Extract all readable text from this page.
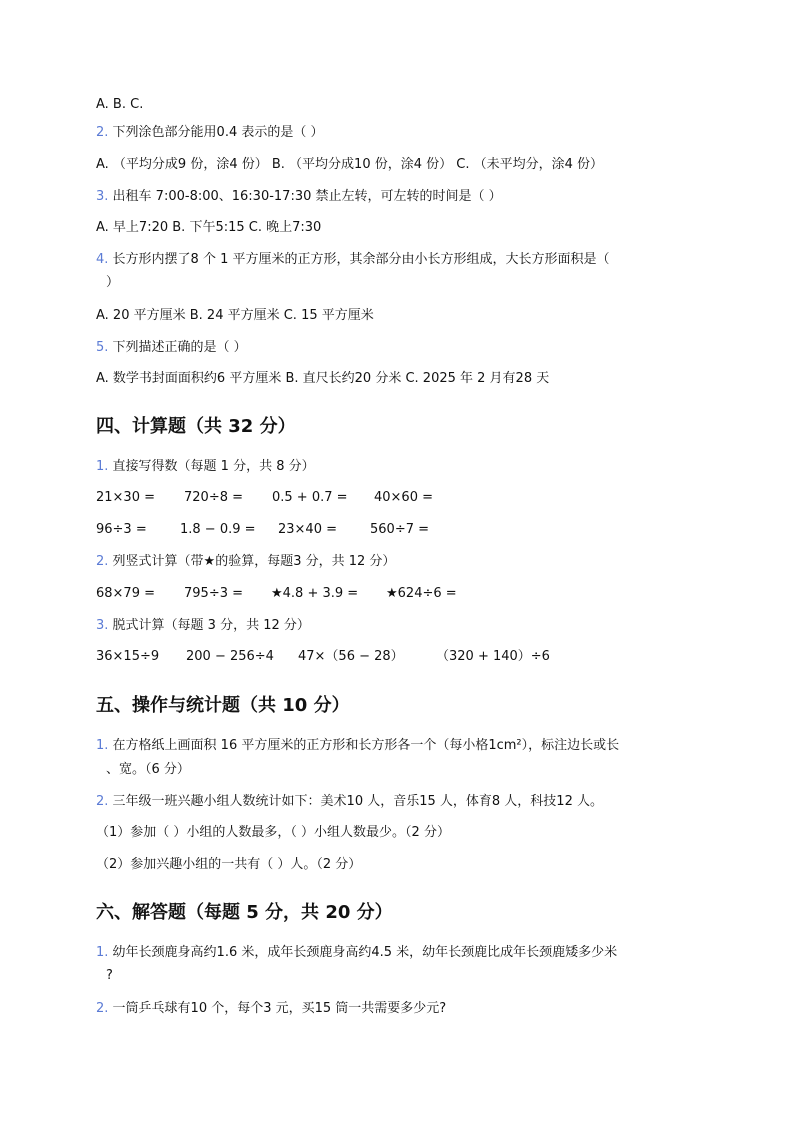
A. B. C.
2. 下列涂色部分能用0.4 表示的是（ ）
A. （平均分成9 份，涂4 份） B. （平均分成10 份，涂4 份） C. （未平均分，涂4 份）
3. 出租车 7:00-8:00、16:30-17:30 禁止左转，可左转的时间是（ ）
A. 早上7:20 B. 下午5:15 C. 晚上7:30
4. 长方形内摆了8 个 1 平方厘米的正方形，其余部分由小长方形组成，大长方形面积是（
）
A. 20 平方厘米 B. 24 平方厘米 C. 15 平方厘米
5. 下列描述正确的是（ ）
A. 数学书封面面积约6 平方厘米 B. 直尺长约20 分米 C. 2025 年 2 月有28 天
四、计算题（共 32 分）
1. 直接写得数（每题 1 分，共 8 分）
21×30 = 720÷8 = 0.5 + 0.7 = 40×60 =
96÷3 =	1.8 − 0.9 = 23×40 =	560÷7 =
2. 列竖式计算（带★的验算，每题3 分，共 12 分）
68×79 = 795÷3 = ★4.8 + 3.9 = ★624÷6 =
3. 脱式计算（每题 3 分，共 12 分）
36×15÷9 200 − 256÷4 47×（56 − 28） （320 + 140）÷6
五、操作与统计题（共 10 分）
1. 在方格纸上画面积 16 平方厘米的正方形和长方形各一个（每小格1cm²），标注边长或长
、宽。（6 分）
2. 三年级一班兴趣小组人数统计如下：美术10 人，音乐15 人，体育8 人，科技12 人。
（1）参加（ ）小组的人数最多，（ ）小组人数最少。（2 分）
（2）参加兴趣小组的一共有（ ）人。（2 分）
六、解答题（每题 5 分，共 20 分）
1. 幼年长颈鹿身高约1.6 米，成年长颈鹿身高约4.5 米，幼年长颈鹿比成年长颈鹿矮多少米
?
2. 一筒乒乓球有10 个，每个3 元，买15 筒一共需要多少元?
